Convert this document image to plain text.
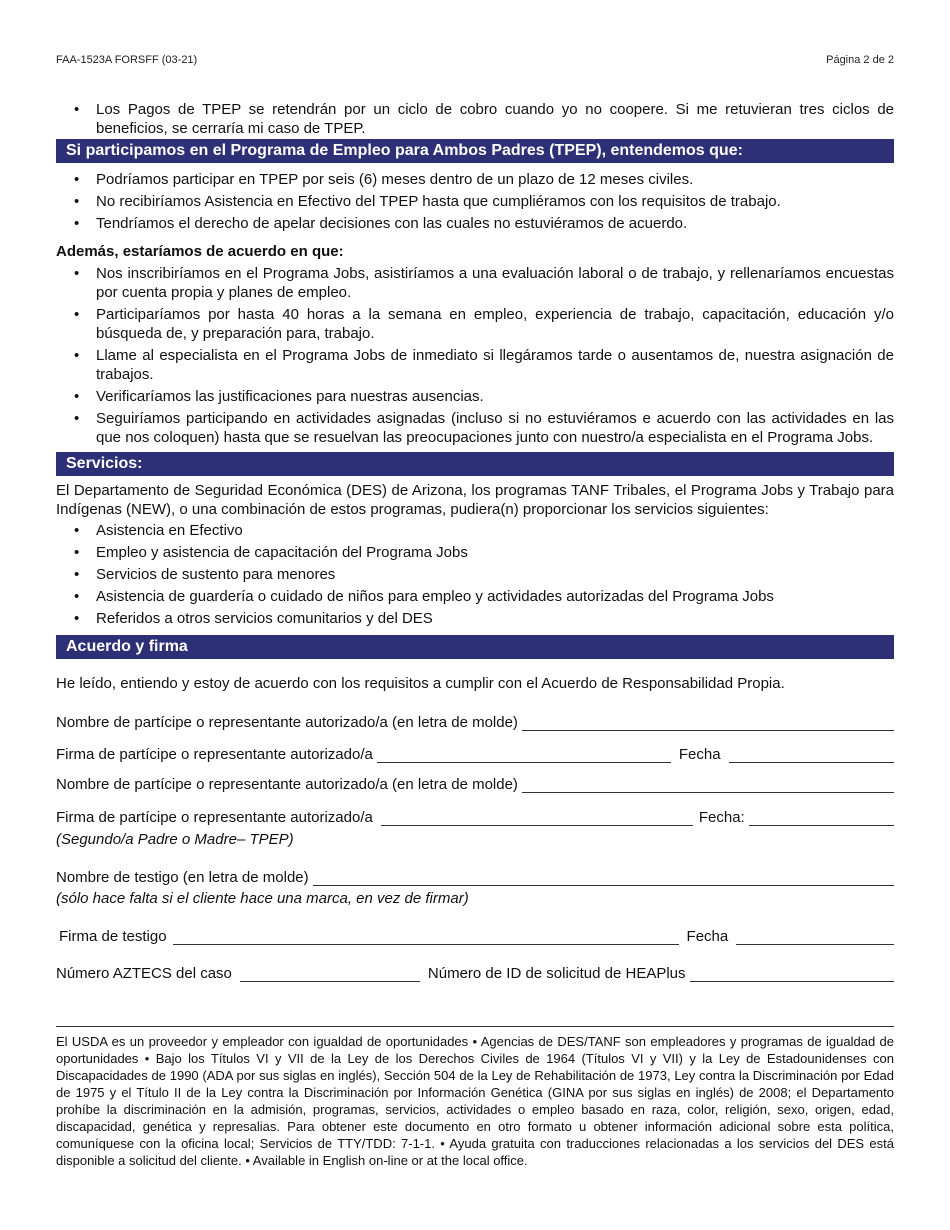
FAA-1523A FORSFF (03-21)	Página 2 de 2
• Los Pagos de TPEP se retendrán por un ciclo de cobro cuando yo no coopere. Si me retuvieran tres ciclos de beneficios, se cerraría mi caso de TPEP.
Si participamos en el Programa de Empleo para Ambos Padres (TPEP), entendemos que:
• Podríamos participar en TPEP por seis (6) meses dentro de un plazo de 12 meses civiles.
• No recibiríamos Asistencia en Efectivo del TPEP hasta que cumpliéramos con los requisitos de trabajo.
• Tendríamos el derecho de apelar decisiones con las cuales no estuviéramos de acuerdo.
Además, estaríamos de acuerdo en que:
• Nos inscribiríamos en el Programa Jobs, asistiríamos a una evaluación laboral o de trabajo, y rellenaríamos encuestas por cuenta propia y planes de empleo.
• Participaríamos por hasta 40 horas a la semana en empleo, experiencia de trabajo, capacitación, educación y/o búsqueda de, y preparación para, trabajo.
• Llame al especialista en el Programa Jobs de inmediato si llegáramos tarde o ausentamos de, nuestra asignación de trabajos.
• Verificaríamos las justificaciones para nuestras ausencias.
• Seguiríamos participando en actividades asignadas (incluso si no estuviéramos e acuerdo con las actividades en las que nos coloquen) hasta que se resuelvan las preocupaciones junto con nuestro/a especialista en el Programa Jobs.
Servicios:
El Departamento de Seguridad Económica (DES) de Arizona, los programas TANF Tribales, el Programa Jobs y Trabajo para Indígenas (NEW), o una combinación de estos programas, pudiera(n) proporcionar los servicios siguientes:
• Asistencia en Efectivo
• Empleo y asistencia de capacitación del Programa Jobs
• Servicios de sustento para menores
• Asistencia de guardería o cuidado de niños para empleo y actividades autorizadas del Programa Jobs
• Referidos a otros servicios comunitarios y del DES
Acuerdo y firma
He leído, entiendo y estoy de acuerdo con los requisitos a cumplir con el Acuerdo de Responsabilidad Propia.
Nombre de partícipe o representante autorizado/a (en letra de molde)
Firma de partícipe o representante autorizado/a	Fecha
Nombre de partícipe o representante autorizado/a (en letra de molde)
Firma de partícipe o representante autorizado/a	Fecha:
(Segundo/a Padre o Madre– TPEP)
Nombre de testigo (en letra de molde)
(sólo hace falta si el cliente hace una marca, en vez de firmar)
Firma de testigo	Fecha
Número AZTECS del caso	Número de ID de solicitud de HEAPlus
El USDA es un proveedor y empleador con igualdad de oportunidades • Agencias de DES/TANF son empleadores y programas de igualdad de oportunidades • Bajo los Títulos VI y VII de la Ley de los Derechos Civiles de 1964 (Títulos VI y VII) y la Ley de Estadounidenses con Discapacidades de 1990 (ADA por sus siglas en inglés), Sección 504 de la Ley de Rehabilitación de 1973, Ley contra la Discriminación por Edad de 1975 y el Título II de la Ley contra la Discriminación por Información Genética (GINA por sus siglas en inglés) de 2008; el Departamento prohíbe la discriminación en la admisión, programas, servicios, actividades o empleo basado en raza, color, religión, sexo, origen, edad, discapacidad, genética y represalias. Para obtener este documento en otro formato u obtener información adicional sobre esta política, comuníquese con la oficina local; Servicios de TTY/TDD: 7-1-1. • Ayuda gratuita con traducciones relacionadas a los servicios del DES está disponible a solicitud del cliente. • Available in English on-line or at the local office.
